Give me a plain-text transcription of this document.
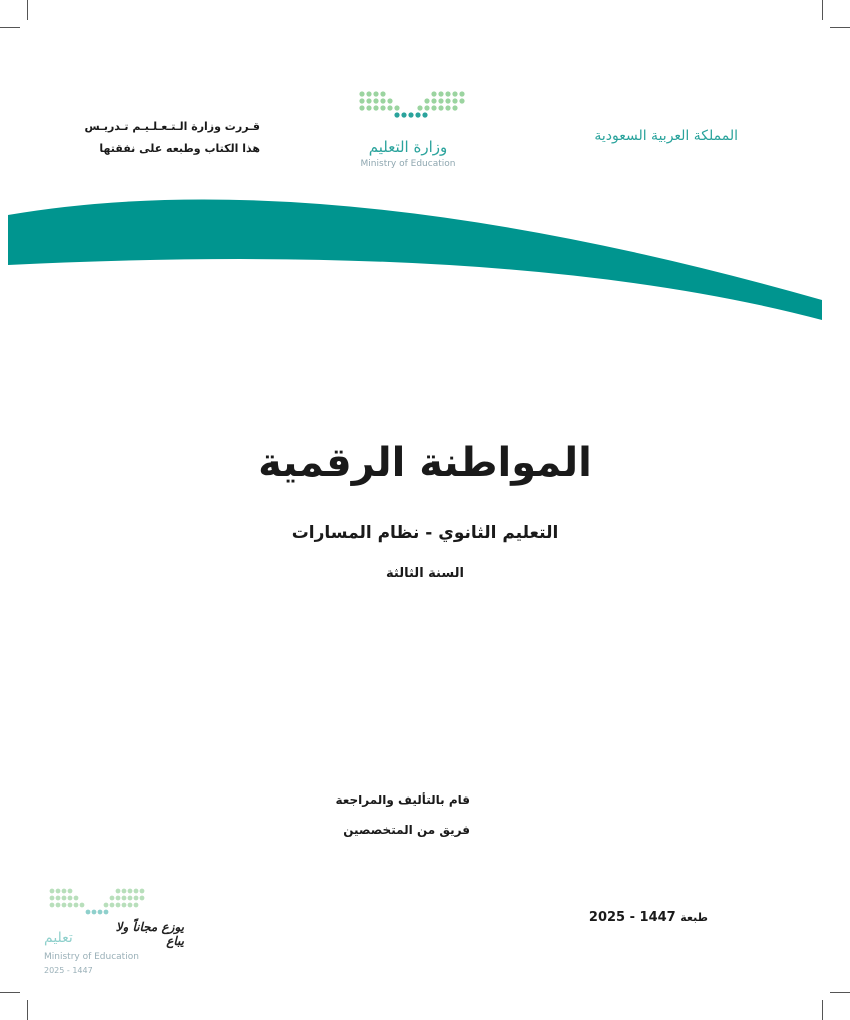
المملكة العربية السعودية
قـررت وزارة الـتـعـلـيـم تـدريـس
هذا الكتاب وطبعه على نفقتها	وزارة التعليم
Ministry of Education
المواطنة الرقمية
التعليم الثانوي - نظام المسارات
السنة الثالثة
قام بالتأليف والمراجعة
فريق من المتخصصين
طبعة 1447 - 2025
تعليم
Ministry of Education
2025 - 1447
يوزع مجاناً ولا يباع
